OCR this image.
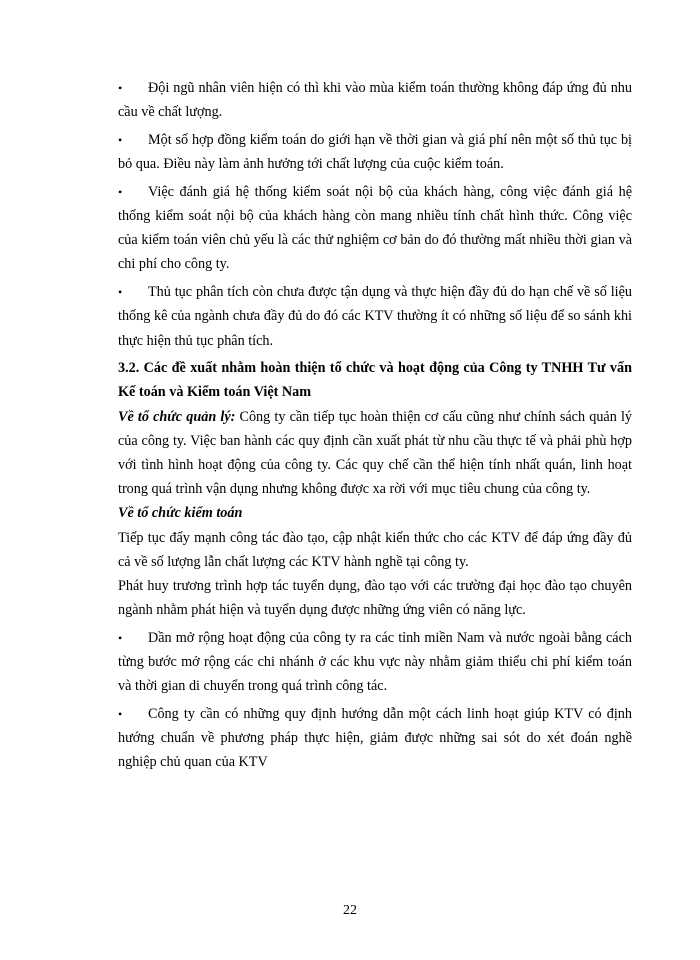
• Đội ngũ nhân viên hiện có thì khi vào mùa kiểm toán thường không đáp ứng đủ nhu cầu về chất lượng.

• Một số hợp đồng kiểm toán do giới hạn về thời gian và giá phí nên một số thủ tục bị bỏ qua. Điều này làm ảnh hưởng tới chất lượng của cuộc kiểm toán.

• Việc đánh giá hệ thống kiểm soát nội bộ của khách hàng, công việc đánh giá hệ thống kiểm soát nội bộ của khách hàng còn mang nhiều tính chất hình thức. Công việc của kiểm toán viên chủ yếu là các thử nghiệm cơ bản do đó thường mất nhiều thời gian và chi phí cho công ty.

• Thủ tục phân tích còn chưa được tận dụng và thực hiện đầy đủ do hạn chế về số liệu thống kê của ngành chưa đầy đủ do đó các KTV thường ít có những số liệu để so sánh khi thực hiện thủ tục phân tích.

3.2. Các đề xuất nhằm hoàn thiện tổ chức và hoạt động của Công ty TNHH Tư vấn Kế toán và Kiểm toán Việt Nam

Về tổ chức quản lý: Công ty cần tiếp tục hoàn thiện cơ cấu cũng như chính sách quản lý của công ty. Việc ban hành các quy định cần xuất phát từ nhu cầu thực tế và phải phù hợp với tình hình hoạt động của công ty. Các quy chế cần thể hiện tính nhất quán, linh hoạt trong quá trình vận dụng nhưng không được xa rời với mục tiêu chung của công ty.

Về tổ chức kiểm toán

Tiếp tục đẩy mạnh công tác đào tạo, cập nhật kiến thức cho các KTV để đáp ứng đầy đủ cả về số lượng lẫn chất lượng các KTV hành nghề tại công ty.

Phát huy trương trình hợp tác tuyển dụng, đào tạo với các trường đại học đào tạo chuyên ngành nhằm phát hiện và tuyển dụng được những ứng viên có năng lực.

• Dần mở rộng hoạt động của công ty ra các tỉnh miền Nam và nước ngoài bằng cách từng bước mở rộng các chi nhánh ở các khu vực này nhằm giảm thiểu chi phí kiểm toán và thời gian di chuyển trong quá trình công tác.

• Công ty cần có những quy định hướng dẫn một cách linh hoạt giúp KTV có định hướng chuẩn về phương pháp thực hiện, giảm được những sai sót do xét đoán nghề nghiệp chủ quan của KTV

22
